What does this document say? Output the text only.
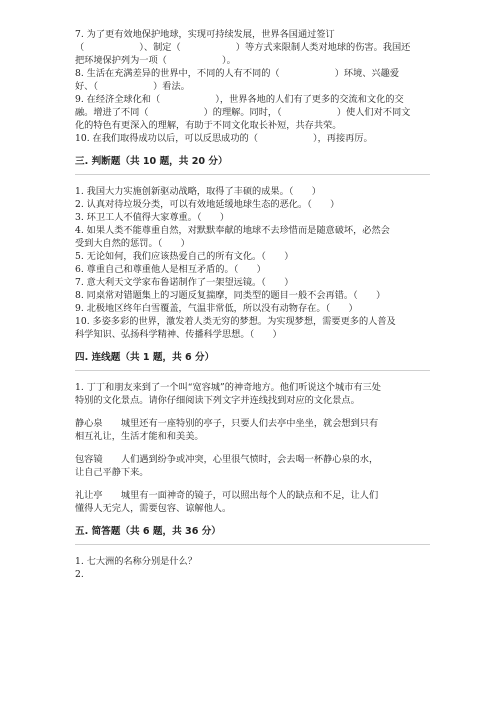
7. 为了更有效地保护地球，实现可持续发展，世界各国通过签订

（　　　　　　）、制定（　　　　　　）等方式来限制人类对地球的伤害。我国还

把环境保护列为一项（　　　　　　）。

8. 生活在充满差异的世界中，不同的人有不同的（　　　　　　）环境、兴趣爱

好、（　　　　　　）看法。

9. 在经济全球化和（　　　　　　），世界各地的人们有了更多的交流和文化的交

融。增进了不同（　　　　　　）的理解。同时，（　　　　　　）使人们对不同文

化的特色有更深入的理解，有助于不同文化取长补短，共存共荣。

10. 在我们取得成功以后，可以反思成功的（　　　　　　），再接再厉。

三. 判断题（共 10 题，共 20 分）

1. 我国大力实施创新驱动战略，取得了丰硕的成果。（　　）

2. 认真对待垃圾分类，可以有效地延缓地球生态的恶化。（　　）

3. 环卫工人不值得大家尊重。（　　）

4. 如果人类不能尊重自然，对默默奉献的地球不去珍惜而是随意破坏，必然会

受到大自然的惩罚。（　　）

5. 无论如何，我们应该热爱自己的所有文化。（　　）

6. 尊重自己和尊重他人是相互矛盾的。（　　）

7. 意大利天文学家布鲁诺制作了一架望远镜。（　　）

8. 同桌常对错题集上的习题反复揣摩，同类型的题目一般不会再错。（　　）

9. 北极地区终年白雪覆盖，气温非常低，所以没有动物存在。（　　）

10. 多姿多彩的世界，激发着人类无穷的梦想。为实现梦想，需要更多的人普及

科学知识、弘扬科学精神、传播科学思想。（　　）

四. 连线题（共 1 题，共 6 分）

1. 丁丁和朋友来到了一个叫“宽容城”的神奇地方。他们听说这个城市有三处

特别的文化景点。请你仔细阅读下列文字并连线找到对应的文化景点。

静心泉　　城里还有一座特别的亭子，只要人们去亭中坐坐，就会想到只有

相互礼让，生活才能和和美美。

包容镜　　人们遇到纷争或冲突，心里很气愤时，会去喝一杯静心泉的水，

让自己平静下来。

礼让亭　　城里有一面神奇的镜子，可以照出每个人的缺点和不足，让人们

懂得人无完人，需要包容、谅解他人。

五. 简答题（共 6 题，共 36 分）

1. 七大洲的名称分别是什么？

2.
